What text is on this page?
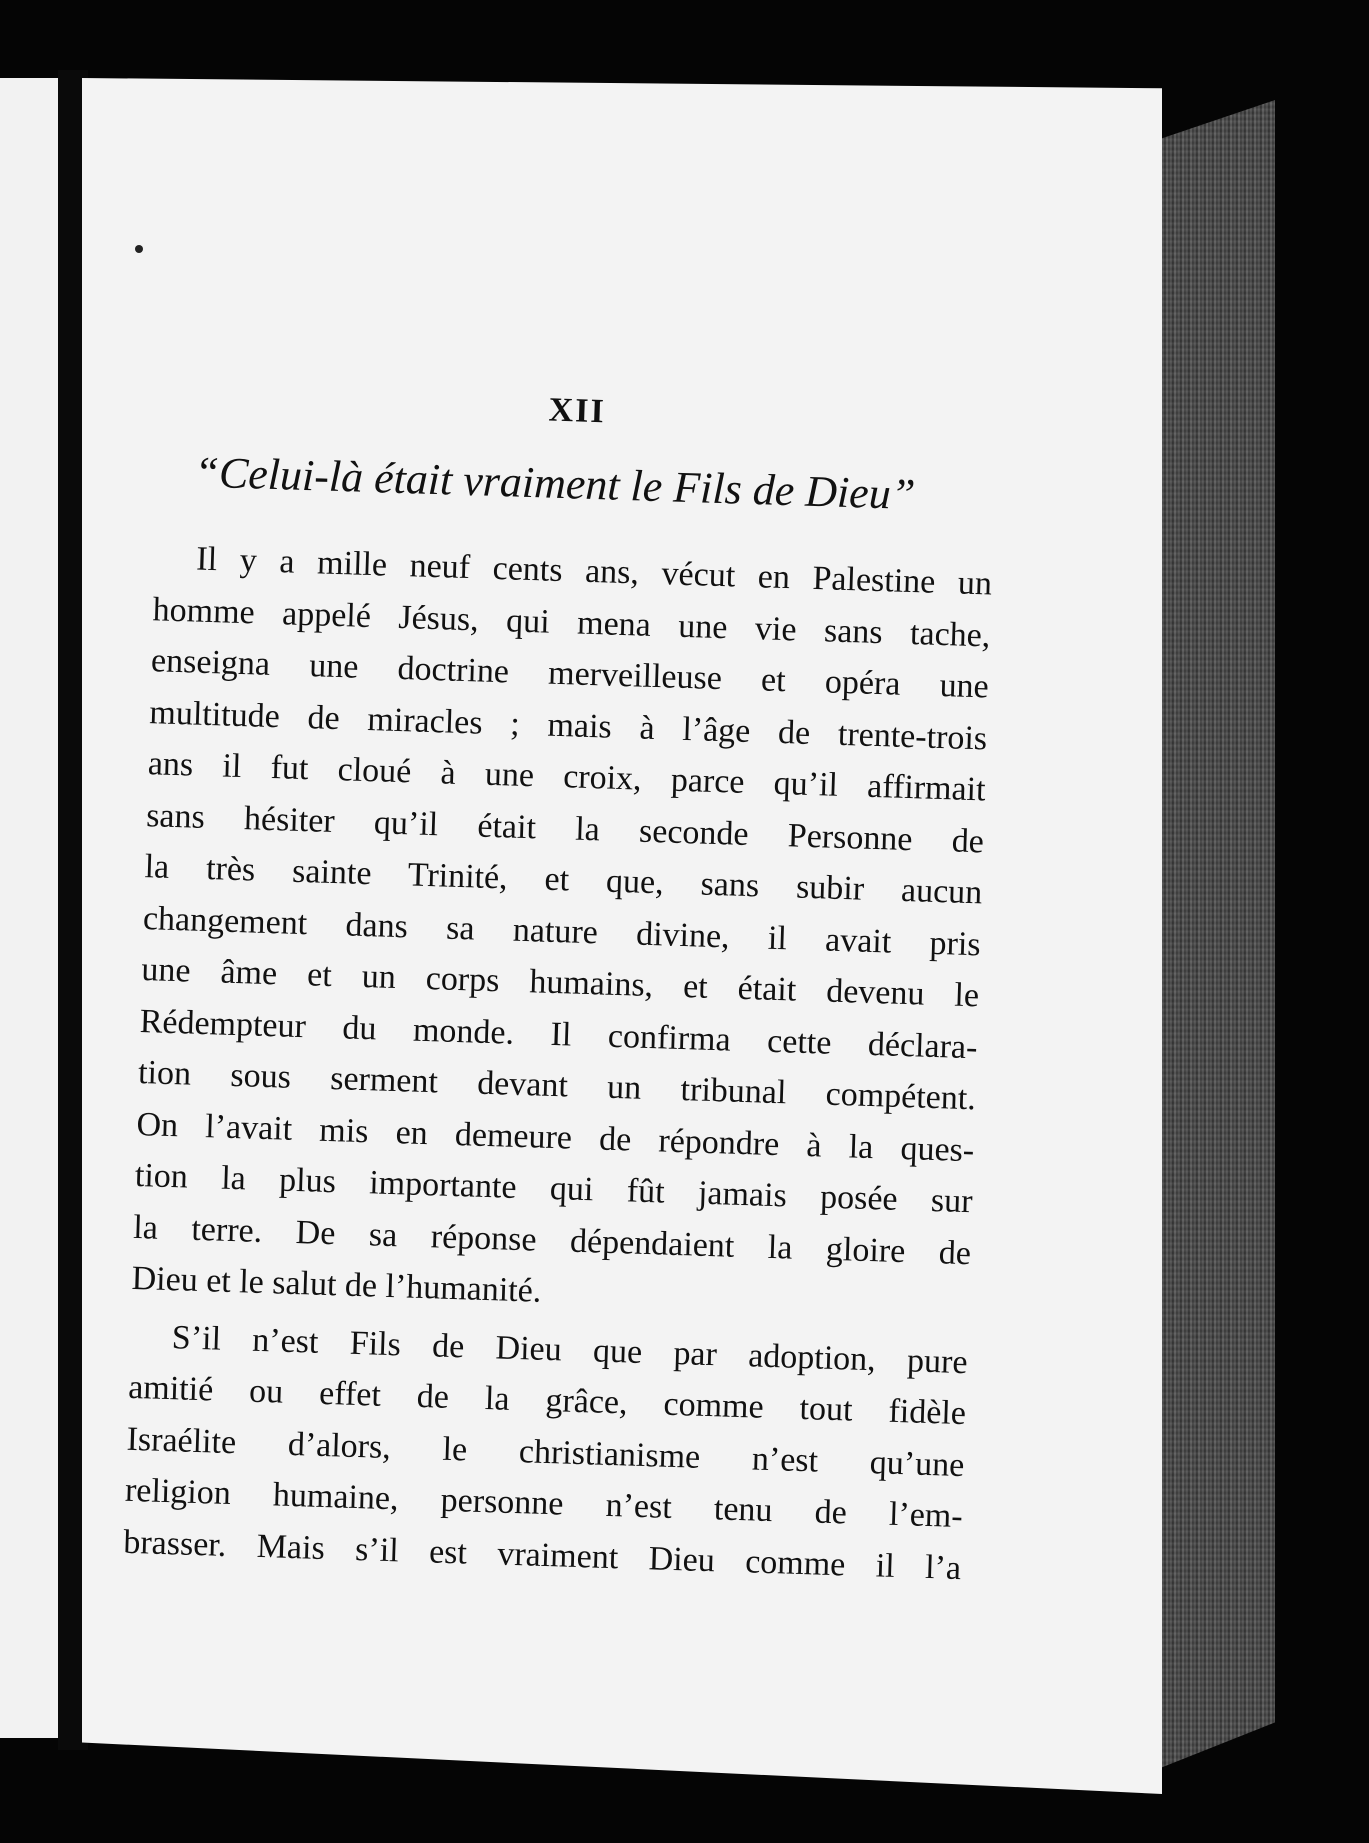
XII
“Celui-là était vraiment le Fils de Dieu”
Il y a mille neuf cents ans, vécut en Palestine un
homme appelé Jésus, qui mena une vie sans tache,
enseigna une doctrine merveilleuse et opéra une
multitude de miracles ; mais à l’âge de trente-trois
ans il fut cloué à une croix, parce qu’il affirmait
sans hésiter qu’il était la seconde Personne de
la très sainte Trinité, et que, sans subir aucun
changement dans sa nature divine, il avait pris
une âme et un corps humains, et était devenu le
Rédempteur du monde. Il confirma cette déclara-
tion sous serment devant un tribunal compétent.
On l’avait mis en demeure de répondre à la ques-
tion la plus importante qui fût jamais posée sur
la terre. De sa réponse dépendaient la gloire de
Dieu et le salut de l’humanité.
S’il n’est Fils de Dieu que par adoption, pure
amitié ou effet de la grâce, comme tout fidèle
Israélite d’alors, le christianisme n’est qu’une
religion humaine, personne n’est tenu de l’em-
brasser. Mais s’il est vraiment Dieu comme il l’a
